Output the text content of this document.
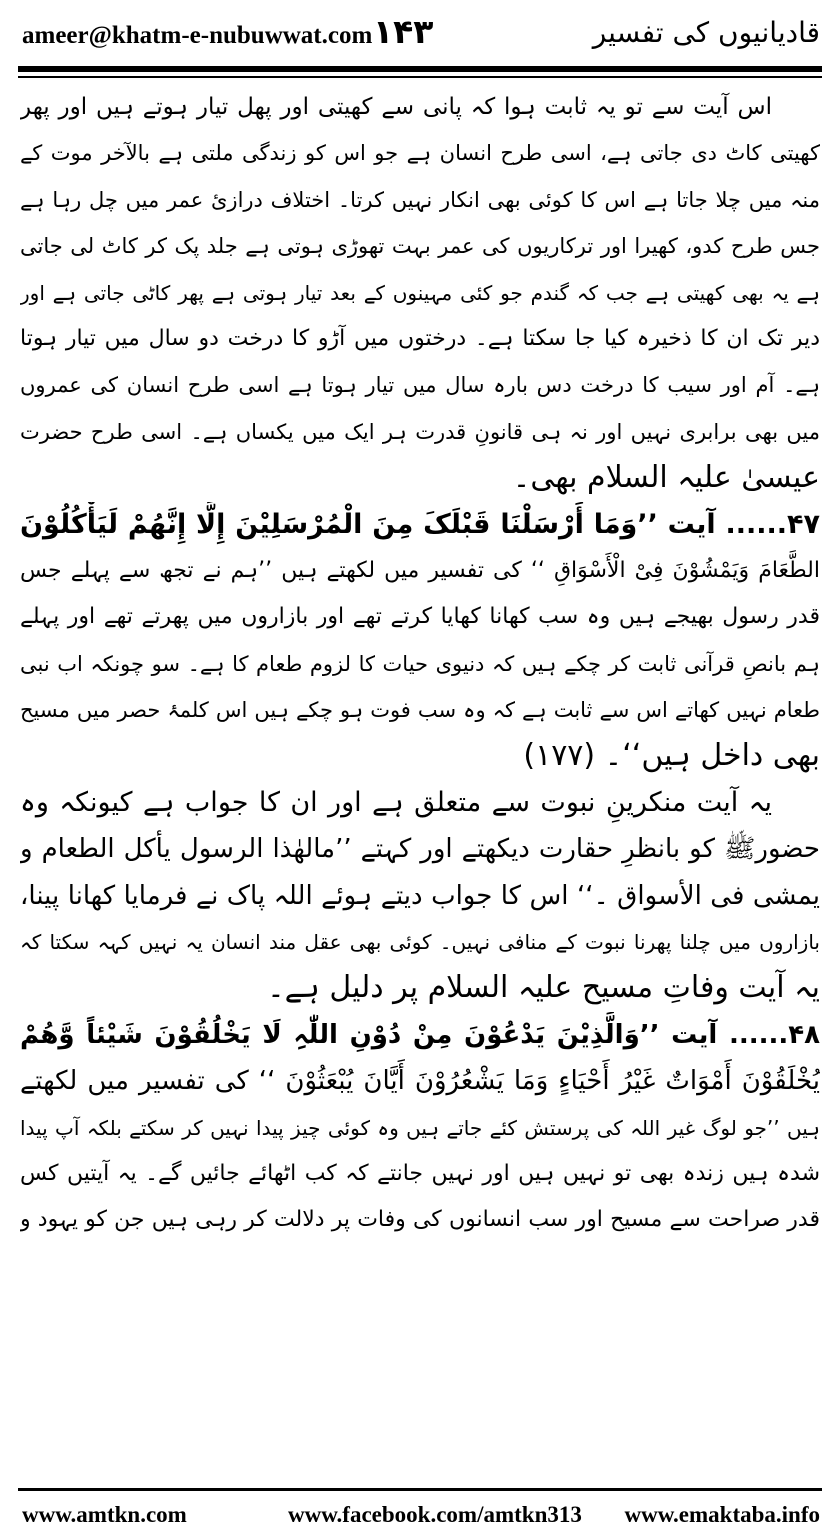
ameer@khatm-e-nubuwwat.com ۱۴۳	قادیانیوں کی تفسیر
اس آیت سے تو یہ ثابت ہوا کہ پانی سے کھیتی اور پھل تیار ہوتے ہیں اور پھر
کھیتی کاٹ دی جاتی ہے، اسی طرح انسان ہے جو اس کو زندگی ملتی ہے بالآخر موت کے
منہ میں چلا جاتا ہے اس کا کوئی بھی انکار نہیں کرتا۔ اختلاف درازیٔ عمر میں چل رہا ہے
جس طرح کدو، کھیرا اور ترکاریوں کی عمر بہت تھوڑی ہوتی ہے جلد پک کر کاٹ لی جاتی
ہے یہ بھی کھیتی ہے جب کہ گندم جو کئی مہینوں کے بعد تیار ہوتی ہے پھر کاٹی جاتی ہے اور
دیر تک ان کا ذخیرہ کیا جا سکتا ہے۔ درختوں میں آڑو کا درخت دو سال میں تیار ہوتا
ہے۔ آم اور سیب کا درخت دس بارہ سال میں تیار ہوتا ہے اسی طرح انسان کی عمروں
میں بھی برابری نہیں اور نہ ہی قانونِ قدرت ہر ایک میں یکساں ہے۔ اسی طرح حضرت
عیسیٰ علیہ السلام بھی۔
۴۷...... آیت ’’وَمَا أَرْسَلْنَا قَبْلَکَ مِنَ الْمُرْسَلِیْنَ إِلَّا إِنَّهُمْ لَیَأْکُلُوْنَ
الطَّعَامَ وَیَمْشُوْنَ فِیْ الْأَسْوَاقِ ‘‘ کی تفسیر میں لکھتے ہیں ’’ہم نے تجھ سے پہلے جس
قدر رسول بھیجے ہیں وہ سب کھانا کھایا کرتے تھے اور بازاروں میں پھرتے تھے اور پہلے
ہم بانصِ قرآنی ثابت کر چکے ہیں کہ دنیوی حیات کا لزوم طعام کا ہے۔ سو چونکہ اب نبی
طعام نہیں کھاتے اس سے ثابت ہے کہ وہ سب فوت ہو چکے ہیں اس کلمۂ حصر میں مسیح
بھی داخل ہیں‘‘۔ (۱۷۷)
یہ آیت منکرینِ نبوت سے متعلق ہے اور ان کا جواب ہے کیونکہ وہ
حضورﷺ کو بانظرِ حقارت دیکھتے اور کہتے ’’مالھٰذا الرسول یأکل الطعام و
یمشی فی الأسواق ۔‘‘ اس کا جواب دیتے ہوئے اللہ پاک نے فرمایا کھانا پینا،
بازاروں میں چلنا پھرنا نبوت کے منافی نہیں۔ کوئی بھی عقل مند انسان یہ نہیں کہہ سکتا کہ
یہ آیت وفاتِ مسیح علیہ السلام پر دلیل ہے۔
۴۸...... آیت ’’وَالَّذِیْنَ یَدْعُوْنَ مِنْ دُوْنِ اللّٰہِ لَا یَخْلُقُوْنَ شَیْئاً وَّهُمْ
یُخْلَقُوْنَ أَمْوَاتٌ غَیْرُ أَحْیَاءٍ وَمَا یَشْعُرُوْنَ أَیَّانَ یُبْعَثُوْنَ ‘‘ کی تفسیر میں لکھتے
ہیں ’’جو لوگ غیر اللہ کی پرستش کئے جاتے ہیں وہ کوئی چیز پیدا نہیں کر سکتے بلکہ آپ پیدا
شدہ ہیں زندہ بھی تو نہیں ہیں اور نہیں جانتے کہ کب اٹھائے جائیں گے۔ یہ آیتیں کس
قدر صراحت سے مسیح اور سب انسانوں کی وفات پر دلالت کر رہی ہیں جن کو یہود و
www.amtkn.com	www.facebook.com/amtkn313 www.emaktaba.info
